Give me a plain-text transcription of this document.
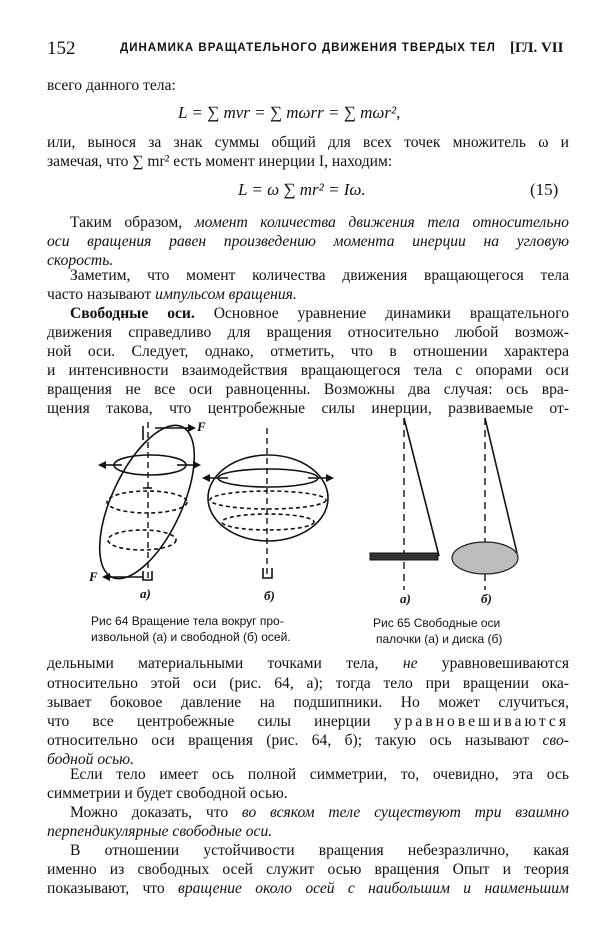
152	ДИНАМИКА ВРАЩАТЕЛЬНОГО ДВИЖЕНИЯ ТВЕРДЫХ ТЕЛ [ГЛ. VII
всего данного тела:
L = ∑ mvr = ∑ mωrr = ∑ mωr²,
или, вынося за знак суммы общий для всех точек множитель ω и
замечая, что ∑ mr² есть момент инерции I, находим:
L = ω ∑ mr² = Iω.	(15)
Таким образом, момент количества движения тела относительно
оси вращения равен произведению момента инерции на угловую
скорость.
Заметим, что момент количества движения вращающегося тела
часто называют импульсом вращения.
Свободные оси. Основное уравнение динамики вращательного
движения справедливо для вращения относительно любой возмож-
ной оси. Следует, однако, отметить, что в отношении характера
и интенсивности взаимодействия вращающегося тела с опорами оси
вращения не все оси равноценны. Возможны два случая: ось вра-
щения такова, что центробежные силы инерции, развиваемые от-
F
F
а)	б)	а)	б)
Рис 64 Вращение тела вокруг про-
извольной (а) и свободной (б) осей.
Рис 65 Свободные оси
палочки (а) и диска (б)
дельными материальными точками тела, не уравновешиваются
относительно этой оси (рис. 64, а); тогда тело при вращении ока-
зывает боковое давление на подшипники. Но может случиться,
что все центробежные силы инерции уравновешиваются
относительно оси вращения (рис. 64, б); такую ось называют сво-
бодной осью.
Если тело имеет ось полной симметрии, то, очевидно, эта ось
симметрии и будет свободной осью.
Можно доказать, что во всяком теле существуют три взаимно
перпендикулярные свободные оси.
В отношении устойчивости вращения небезразлично, какая
именно из свободных осей служит осью вращения Опыт и теория
показывают, что вращение около осей с наибольшим и наименьшим
